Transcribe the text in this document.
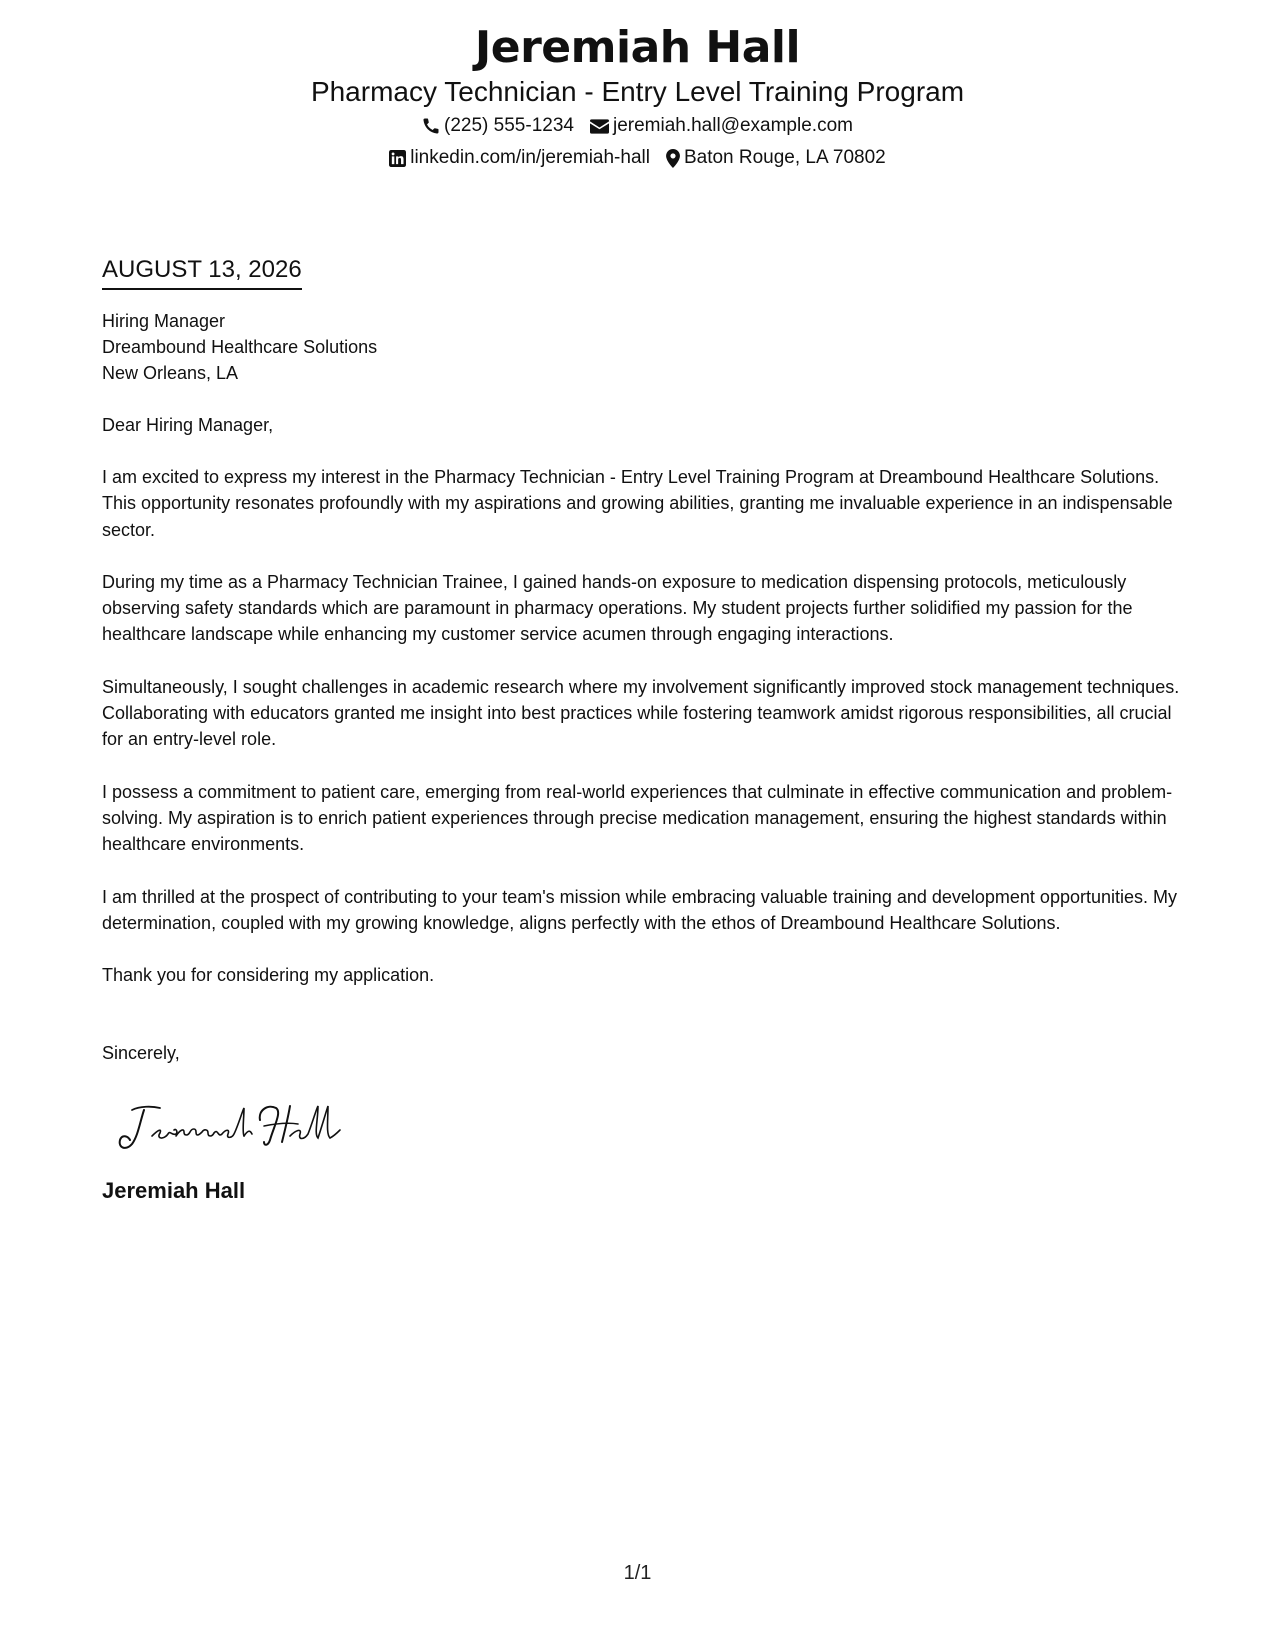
Jeremiah Hall
Pharmacy Technician - Entry Level Training Program
(225) 555-1234 jeremiah.hall@example.com
linkedin.com/in/jeremiah-hall Baton Rouge, LA 70802
AUGUST 13, 2026
Hiring Manager
Dreambound Healthcare Solutions
New Orleans, LA
Dear Hiring Manager,
I am excited to express my interest in the Pharmacy Technician - Entry Level Training Program at Dreambound Healthcare Solutions. This opportunity resonates profoundly with my aspirations and growing abilities, granting me invaluable experience in an indispensable sector.
During my time as a Pharmacy Technician Trainee, I gained hands-on exposure to medication dispensing protocols, meticulously observing safety standards which are paramount in pharmacy operations. My student projects further solidified my passion for the healthcare landscape while enhancing my customer service acumen through engaging interactions.
Simultaneously, I sought challenges in academic research where my involvement significantly improved stock management techniques. Collaborating with educators granted me insight into best practices while fostering teamwork amidst rigorous responsibilities, all crucial for an entry-level role.
I possess a commitment to patient care, emerging from real-world experiences that culminate in effective communication and problem-solving. My aspiration is to enrich patient experiences through precise medication management, ensuring the highest standards within healthcare environments.
I am thrilled at the prospect of contributing to your team's mission while embracing valuable training and development opportunities. My determination, coupled with my growing knowledge, aligns perfectly with the ethos of Dreambound Healthcare Solutions.
Thank you for considering my application.
Sincerely,
Jeremiah Hall
1/1
